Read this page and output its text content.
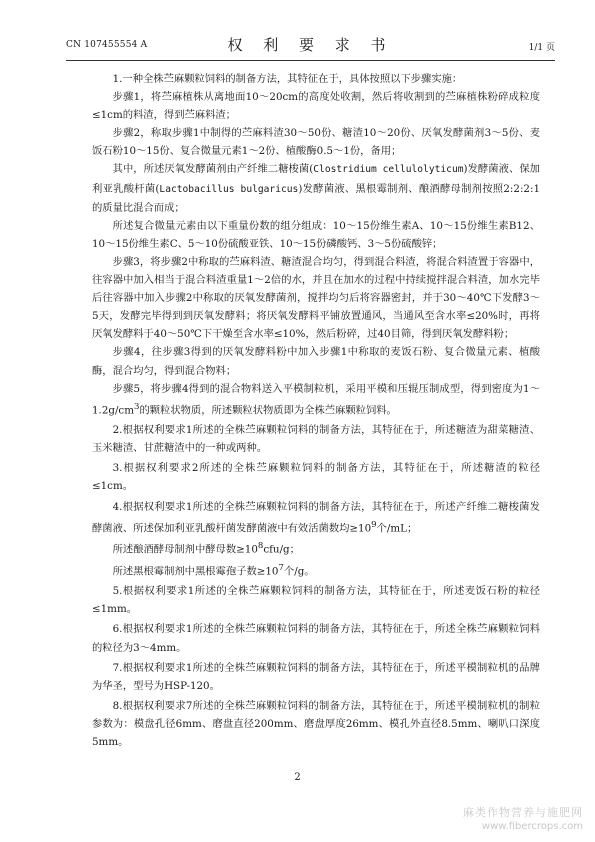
CN 107455554 A	权 利 要 求 书	1/1 页

1.一种全株苎麻颗粒饲料的制备方法，其特征在于，具体按照以下步骤实施：

步骤1，将苎麻植株从离地面10～20cm的高度处收割，然后将收割到的苎麻植株粉碎成粒度≤1cm的料渣，得到苎麻料渣；

步骤2，称取步骤1中制得的苎麻料渣30～50份、糖渣10～20份、厌氧发酵菌剂3～5份、麦饭石粉10～15份、复合微量元素1～2份、植酸酶0.5～1份，备用；

其中，所述厌氧发酵菌剂由产纤维二糖梭菌(Clostridium cellulolyticum)发酵菌液、保加利亚乳酸杆菌(Lactobacillus bulgaricus)发酵菌液、黑根霉制剂、酿酒酵母制剂按照2:2:2:1的质量比混合而成；

所述复合微量元素由以下重量份数的组分组成：10～15份维生素A、10～15份维生素B12、10～15份维生素C、5～10份硫酸亚铁、10～15份磷酸钙、3～5份硫酸锌；

步骤3，将步骤2中称取的苎麻料渣、糖渣混合均匀，得到混合料渣，将混合料渣置于容器中，往容器中加入相当于混合料渣重量1～2倍的水，并且在加水的过程中持续搅拌混合料渣，加水完毕后往容器中加入步骤2中称取的厌氧发酵菌剂，搅拌均匀后将容器密封，并于30～40℃下发酵3～5天，发酵完毕得到到厌氧发酵料；将厌氧发酵料平铺放置通风，当通风至含水率≤20%时，再将厌氧发酵料于40～50℃下干燥至含水率≤10%，然后粉碎，过40目筛，得到厌氧发酵料粉；

步骤4，往步骤3得到的厌氧发酵料粉中加入步骤1中称取的麦饭石粉、复合微量元素、植酸酶，混合均匀，得到混合物料；

步骤5，将步骤4得到的混合物料送入平模制粒机，采用平模和压辊压制成型，得到密度为$1\sim 1.2g/cm^3$的颗粒状物质，所述颗粒状物质即为全株苎麻颗粒饲料。

2.根据权利要求1所述的全株苎麻颗粒饲料的制备方法，其特征在于，所述糖渣为甜菜糖渣、玉米糖渣、甘蔗糖渣中的一种或两种。

3.根据权利要求2所述的全株苎麻颗粒饲料的制备方法，其特征在于，所述糖渣的粒径≤1cm。

4.根据权利要求1所述的全株苎麻颗粒饲料的制备方法，其特征在于，所述产纤维二糖梭菌发酵菌液、所述保加利亚乳酸杆菌发酵菌液中有效活菌数均$\ge 10^9$个/mL；

所述酿酒酵母制剂中酵母数$\ge 10^8cfu/g$；

所述黑根霉制剂中黑根霉孢子数$\ge 10^7$个/g。

5.根据权利要求1所述的全株苎麻颗粒饲料的制备方法，其特征在于，所述麦饭石粉的粒径≤1mm。

6.根据权利要求1所述的全株苎麻颗粒饲料的制备方法，其特征在于，所述全株苎麻颗粒饲料的粒径为3～4mm。

7.根据权利要求1所述的全株苎麻颗粒饲料的制备方法，其特征在于，所述平模制粒机的品牌为华圣，型号为HSP-120。

8.根据权利要求7所述的全株苎麻颗粒饲料的制备方法，其特征在于，所述平模制粒机的制粒参数为：模盘孔径6mm、磨盘直径200mm、磨盘厚度26mm、模孔外直径8.5mm、喇叭口深度5mm。

2
麻类作物营养与施肥网
www.fibercrops.com
